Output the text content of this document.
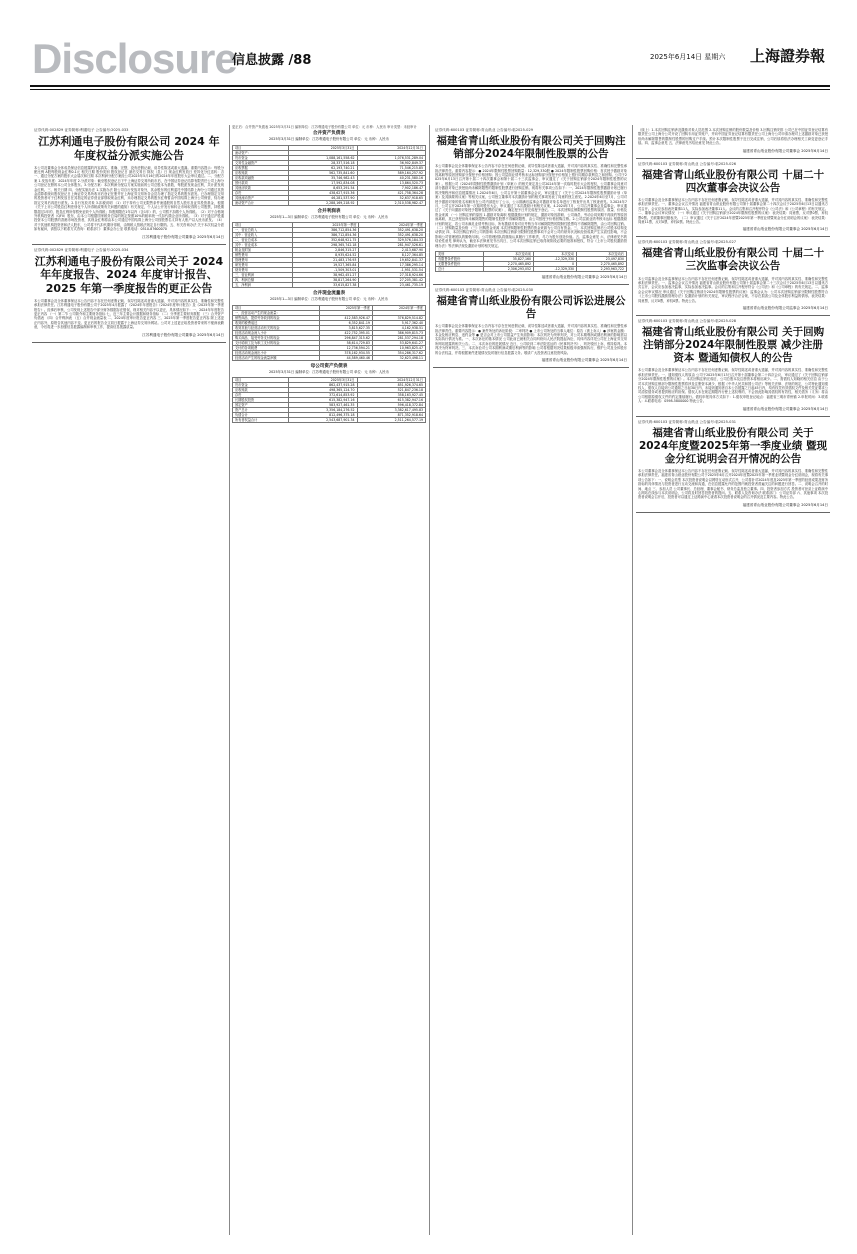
Disclosure
信息披露 /88	2025年6月14日 星期六 上海證券報
证券代码:002829 证券简称:利通电子 公告编号:2025-033
江苏利通电子股份有限公司 2024 年年度权益分派实施公告
本公司及董事会全体成员保证信息披露的内容真实、准确、完整，没有虚假记载、误导性陈述或重大遗漏。重要内容提示：每股分配比例 A股每股现金红利0.1元 相关日期 股份类别 股权登记日 最后交易日 除权（息）日 现金红利发放日 差异化分红送转：否 一、通过分配方案的股东大会届次和日期 本次利润分配方案经公司2025年5月16日的2024年年度股东大会审议通过。二、分配方案 1.发放年度：2024年年度 2.分派对象：截至股权登记日下午上海证券交易所收市后，在中国证券登记结算有限责任公司上海分公司登记在册的本公司全体股东。3.分配方案：本次利润分配以方案实施前的公司总股本为基数，每股派发现金红利，共计派发现金红利。三、相关日期 四、分配实施办法 1.实施办法 除公司自行发放对象外，其余股东的红利委托中国结算上海分公司通过其资金清算系统向股权登记日上海证券交易所收市后登记在册并在上海证券交易所各会员办理了指定交易的股东派发。已办理指定交易的投资者可于红利发放日在其指定的证券营业部领取现金红利，未办理指定交易的股东红利暂由中国结算上海分公司保管，待办理指定交易后再进行派发。2.自行发放对象 3.扣税说明 （1）对于持有公司无限售条件流通股的自然人股东及证券投资基金，根据《关于上市公司股息红利差别化个人所得税政策有关问题的通知》有关规定，个人从公开发行和转让市场取得的公司股票，持股期限超过1年的，股息红利所得暂免征收个人所得税；持股期限在1年以内（含1年）的，公司暂不扣缴个人所得税。（2）对于合格境外机构投资者（QFII）股东，由本公司根据国家税务总局的规定按照10%的税率统一代扣代缴企业所得税。（3）对于通过沪股通投资本公司股票的香港市场投资者，其现金红利将由本公司通过中国结算上海分公司按股票名义持有人账户以人民币派发。（4）对于其他机构投资者和法人股东，公司将不代扣代缴所得税，由纳税人按税法规定自行缴纳。五、有关咨询办法 关于本次权益分派如有疑问，请按以下联系方式咨询：联系部门：董事会办公室 联系电话：0510-87600070
江苏利通电子股份有限公司董事会 2025年6月14日
证券代码:002829 证券简称:利通电子 公告编号:2025-034
江苏利通电子股份有限公司关于 2024 年年度报告、2024 年度审计报告、2025 年第一季度报告的更正公告
本公司董事会及全体董事保证本公告内容不存在任何虚假记载、误导性陈述或者重大遗漏，并对其内容的真实性、准确性和完整性承担法律责任。江苏利通电子股份有限公司于2025年4月披露了《2024年年度报告》《2024年度审计报告》及《2025年第一季度报告》。经事后审核，公司发现上述报告中部分财务数据存在错误，现对相关内容予以更正，具体情况如下：一、2024年年度报告更正内容 （一）第二节 公司简介和主要财务指标 七、近三年主要会计数据和财务指标 （二）分季度主要财务数据 （三）合并资产负债表 （四）合并利润表 （五）合并现金流量表 二、2024年度审计报告更正内容 三、2025年第一季度报告更正内容 除上述更正内容外，原报告其他内容不变。更正后的报告全文同日披露于上海证券交易所网站。公司对上述更正给投资者带来的不便深表歉意，今后将进一步加强信息披露编制和审核工作，提高信息披露质量。
江苏利通电子股份有限公司董事会 2025年6月14日
更正后：合并资产负债表 2025年3月31日 编制单位：江苏利通电子股份有限公司 单位：元 币种：人民币 审计类型：未经审计
合并资产负债表
2025年3月31日 编制单位：江苏利通电子股份有限公司 单位：元 币种：人民币
项目	2025年3月31日	2024年12月31日
流动资产：		
货币资金	1,088,161,558.62	1,076,531,289.04
交易性金融资产	28,337,516.18	36,902,849.37
应收票据	62,193,740.21	71,546,215.85
应收账款	562,735,841.60	589,164,257.92
应收款项融资	35,746,982.43	40,231,580.16
预付款项	17,592,834.08	13,864,520.73
其他应收款	8,653,291.54	7,902,186.47
存货	438,627,915.36	421,758,364.28
其他流动资产	46,281,537.90	52,637,918.65
流动资产合计	2,288,169,218.92	2,310,538,982.47
合并利润表
2025年1—3月 编制单位：江苏利通电子股份有限公司 单位：元 币种：人民币
项目	2025年第一季度	2024年第一季度
一、营业总收入	386,712,854.36	352,491,638.20
其中：营业收入	386,712,854.36	352,491,638.20
二、营业总成本	352,648,921.75	329,576,184.33
其中：营业成本	298,365,742.18	281,947,526.61
税金及附加	2,846,315.27	2,413,687.90
销售费用	8,935,624.52	8,127,364.85
管理费用	21,483,176.93	19,652,841.37
研发费用	19,527,365.84	17,386,295.14
财务费用	-1,509,303.01	-1,951,531.54
三、营业利润	38,962,451.27	27,318,924.66
四、利润总额	38,817,264.90	27,205,381.42
五、净利润	33,615,827.38	23,461,735.19
合并现金流量表
2025年1—3月 编制单位：江苏利通电子股份有限公司 单位：元 币种：人民币
项目	2025年第一季度	2024年第一季度
一、经营活动产生的现金流量：		
销售商品、提供劳务收到的现金	412,583,926.47	376,829,514.82
收到的税费返还	6,352,841.19	5,917,362.40
收到其他与经营活动有关的现金	3,815,627.35	4,162,938.51
经营活动现金流入小计	422,752,395.01	386,909,815.73
购买商品、接受劳务支付的现金	296,847,315.62	281,537,294.18
支付给职工及为职工支付的现金	58,614,729.83	53,829,641.27
支付的各项税费	12,736,594.21	10,963,825.47
经营活动现金流出小计	378,162,934.55	354,286,317.62
经营活动产生的现金流量净额	44,589,460.46	32,623,498.11
母公司资产负债表
2025年3月31日 编制单位：江苏利通电子股份有限公司 单位：元 币种：人民币
项目	2025年3月31日	2024年12月31日
货币资金	862,437,915.28	851,926,374.65
应收账款	498,365,124.70	521,847,236.18
存货	372,614,853.92	358,163,927.45
长期股权投资	615,382,947.16	615,382,947.16
固定资产	583,927,461.35	596,418,372.84
资产总计	3,356,184,276.52	3,382,617,495.83
负债合计	812,496,375.18	871,352,918.64
所有者权益合计	2,543,687,901.34	2,511,264,577.19
证券代码:600103 证券简称:青山纸业 公告编号:临2025-029
福建省青山纸业股份有限公司关于回购注销部分2024年限制性股票的公告
本公司董事会及全体董事保证本公告内容不存在任何虚假记载、误导性陈述或者重大遗漏，并对其内容的真实性、准确性和完整性承担法律责任。重要内容提示：● 2024年限制性股票回购数量：12,329,330股 ● 2024年限制性股票回购价格：首次授予激励对象因离职等原因回购部分按授予价格回购；因公司层面业绩考核未达标回购部分按授予价格加上银行同期存款利息之和回购。公司于2025年6月13日召开第十届二十四次董事会和第十届二十三次监事会，审议通过了《关于回购注销部分2024年限制性股票的议案》。根据公司《2024年限制性股票激励计划（草案）》的相关规定及公司2024年第一次临时股东大会的授权，公司董事会同意对部分激励对象已获授但尚未解除限售的限制性股票进行回购注销。现将有关事项公告如下：一、2024年限制性股票激励计划已履行的决策程序和信息披露情况 1.2024年6月，公司召开第十届董事会会议，审议通过了《关于公司2024年限制性股票激励计划（草案）及其摘要的议案》等相关议案，公司独立董事对本次激励计划的相关事项发表了同意的独立意见。2.2024年6月至7月，公司对授予激励对象的姓名和职务在公司内部进行了公示，公示期满后监事会对激励对象名单进行了核查并出具了核查意见。3.2024年7月，公司召开2024年第一次临时股东大会，审议通过了本次激励计划相关议案。4.2024年7月，公司召开董事会及监事会，审议通过了《关于向激励对象授予限制性股票的议案》，确定授予日并完成授予登记。二、本次回购注销限制性股票的原因、数量、价格及资金来源 （一）回购注销的原因 1.激励对象离职 根据激励计划的规定，激励对象因辞职、公司裁员、劳动合同到期不再续约等原因而离职，其已获授但尚未解除限售的限制性股票不得解除限售，由公司按授予价格回购注销。2.公司层面业绩考核未达标 根据激励计划的规定，若公司未满足业绩考核目标，所有激励对象对应考核当年可解除限售的限制性股票均不得解除限售，由公司回购注销。（二）回购数量及价格 （三）回购资金来源 本次回购限制性股票的资金来源为公司自有资金。三、本次回购注销后公司股本结构变动情况 四、本次回购注销对公司的影响 本次回购注销部分限制性股票事项不会对公司的财务状况和经营成果产生实质性影响，不会影响公司管理团队的勤勉尽职。公司管理团队将继续认真履行工作职责，尽力为股东创造价值。五、监事会意见 六、法律意见书的结论性意见 律师认为，截至本法律意见书出具日，公司本次回购注销已取得现阶段必要的批准和授权，符合《上市公司股权激励管理办法》等法律法规及激励计划的相关规定。
类别	本次变动前	本次变动	本次变动后
有限售条件股份	35,827,160	-12,329,330	23,497,830
无限售条件股份	2,270,465,892	0	2,270,465,892
总计	2,306,293,052	-12,329,330	2,293,963,722
福建省青山纸业股份有限公司董事会 2025年6月14日
证券代码:600103 证券简称:青山纸业 公告编号:临2025-030
福建省青山纸业股份有限公司诉讼进展公告
本公司董事会及全体董事保证本公告内容不存在任何虚假记载、误导性陈述或者重大遗漏，并对其内容的真实性、准确性和完整性承担法律责任。重要内容提示：● 案件所处的诉讼阶段：二审判决 ● 上市公司所处的当事人地位：原告（被上诉人）● 涉案的金额：本金及相应利息、违约金等 ● 是否会对上市公司损益产生负面影响：本次判决为终审判决，对公司本期利润或期后利润的影响需以实际执行情况为准。一、本次诉讼的基本情况 公司此前已就相关合同纠纷向人民法院提起诉讼，具体内容详见公司在上海证券交易所网站披露的相关公告。二、本次诉讼的进展情况 近日，公司收到二审法院送达的《民事判决书》，判决驳回上诉，维持原判。本判决为终审判决。三、本次诉讼对公司本期利润或期后利润等的影响 公司将根据判决结果积极申请强制执行，维护公司及全体股东的合法权益，并将根据案件进展情况及时履行信息披露义务。敬请广大投资者注意投资风险。
福建省青山纸业股份有限公司董事会 2025年6月14日
（续上）1.本次回购注销涉及激励对象人员范围 2.本次回购注销的股份数量及价格 3.回购注销安排 公司已在中国证券登记结算有限责任公司上海分公司开设了回购专用证券账户，并向中国证券登记结算有限责任公司上海分公司申请办理对上述激励对象已获授但尚未解除限售的限制性股票的回购过户手续。预计本次限制性股票于近日完成注销，公司后续将依法办理相关工商变更登记手续。四、监事会意见 五、法律意见书结论意见 特此公告。
福建省青山纸业股份有限公司董事会 2025年6月14日
证券代码:600103 证券简称:青山纸业 公告编号:临2025-026
福建省青山纸业股份有限公司 十届二十四次董事会决议公告
本公司董事会及全体董事保证本公告内容不存在任何虚假记载、误导性陈述或者重大遗漏，并对其内容的真实性、准确性和完整性承担法律责任。一、董事会会议召开情况 福建省青山纸业股份有限公司第十届董事会第二十四次会议于2025年6月13日以通讯方式召开。会议应参加表决董事11人，实际参加表决董事11人。会议的召集和召开程序符合《公司法》和《公司章程》的有关规定。二、董事会会议审议情况 （一）审议通过《关于回购注销部分2024年限制性股票的议案》 表决结果：同意票，反对票0票，弃权票0票。关联董事回避表决。（二）审议通过《关于召开2024年度暨2025年第一季度业绩暨现金分红说明会的议案》 表决结果：同意11票，反对0票，弃权0票。特此公告。
福建省青山纸业股份有限公司董事会 2025年6月14日
证券代码:600103 证券简称:青山纸业 公告编号:临2025-027
福建省青山纸业股份有限公司 十届二十三次监事会决议公告
本公司监事会及全体监事保证本公告内容不存在任何虚假记载、误导性陈述或者重大遗漏，并对其内容的真实性、准确性和完整性承担法律责任。一、监事会会议召开情况 福建省青山纸业股份有限公司第十届监事会第二十三次会议于2025年6月13日以通讯方式召开，会议应参加表决监事，实际参加表决监事。会议的召集和召开程序符合《公司法》和《公司章程》的有关规定。二、监事会会议审议情况 审议通过《关于回购注销部分2024年限制性股票的议案》 监事会认为：公司本次回购注销部分限制性股票符合《上市公司股权激励管理办法》及激励计划的有关规定，审议程序合法合规，不存在损害公司及全体股东利益的情形。表决结果：同意票，反对0票，弃权0票。特此公告。
福建省青山纸业股份有限公司监事会 2025年6月14日
证券代码:600103 证券简称:青山纸业 公告编号:临2025-028
福建省青山纸业股份有限公司 关于回购注销部分2024年限制性股票 减少注册资本 暨通知债权人的公告
本公司董事会及全体董事保证本公告内容不存在任何虚假记载、误导性陈述或者重大遗漏，并对其内容的真实性、准确性和完整性承担法律责任。一、通知债权人的原由 公司于2025年6月13日召开第十届董事会第二十四次会议，审议通过了《关于回购注销部分2024年限制性股票的议案》。本次回购注销完成后，公司总股本及注册资本将相应减少。二、需债权人知晓的相关信息 由于公司本次回购注销部分限制性股票将涉及注册资本减少，根据《中华人民共和国公司法》等相关法律、法规的规定，公司特此通知债权人，债权人自接到公司通知之日起30日内、未接到通知者自本公告披露之日起45日内，均有权凭有效债权文件及相关凭证要求公司清偿债务或者提供相应的担保。债权人未在规定期限内行使上述权利的，不会因此影响其债权的有效性，相关债务（义务）将由公司根据原债权文件的约定继续履行。债权申报具体方式如下：1.债权申报登记地点：福建省三明市青州镇 2.申报时间：3.联系人：4.联系电话：0598-5800000 特此公告。
福建省青山纸业股份有限公司董事会 2025年6月14日
证券代码:600103 证券简称:青山纸业 公告编号:临2025-031
福建省青山纸业股份有限公司 关于2024年度暨2025年第一季度业绩 暨现金分红说明会召开情况的公告
本公司董事会及全体董事保证本公告内容不存在任何虚假记载、误导性陈述或者重大遗漏，并对其内容的真实性、准确性和完整性承担法律责任。福建省青山纸业股份有限公司于2025年6月召开2024年度暨2025年第一季度业绩暨现金分红说明会，现将有关事项公告如下：一、说明会类型 本次投资者说明会以网络互动形式召开，公司将针对2024年度及2025年第一季度的经营成果及财务指标的具体情况与投资者进行互动交流和沟通，在信息披露允许的范围内就投资者普遍关注的问题进行回答。二、说明会召开的时间、地点 三、参加人员 公司董事长、总经理、董事会秘书、财务总监及独立董事。四、投资者参加方式 投资者可登录上证路演中心网站在线参与本次说明会，公司将及时回答投资者的提问。五、联系人及咨询办法 联系部门：公司证券部 六、其他事项 本次投资者说明会召开后，投资者可以通过上证路演中心查看本次投资者说明会的召开情况及主要内容。特此公告。
福建省青山纸业股份有限公司董事会 2025年6月14日
